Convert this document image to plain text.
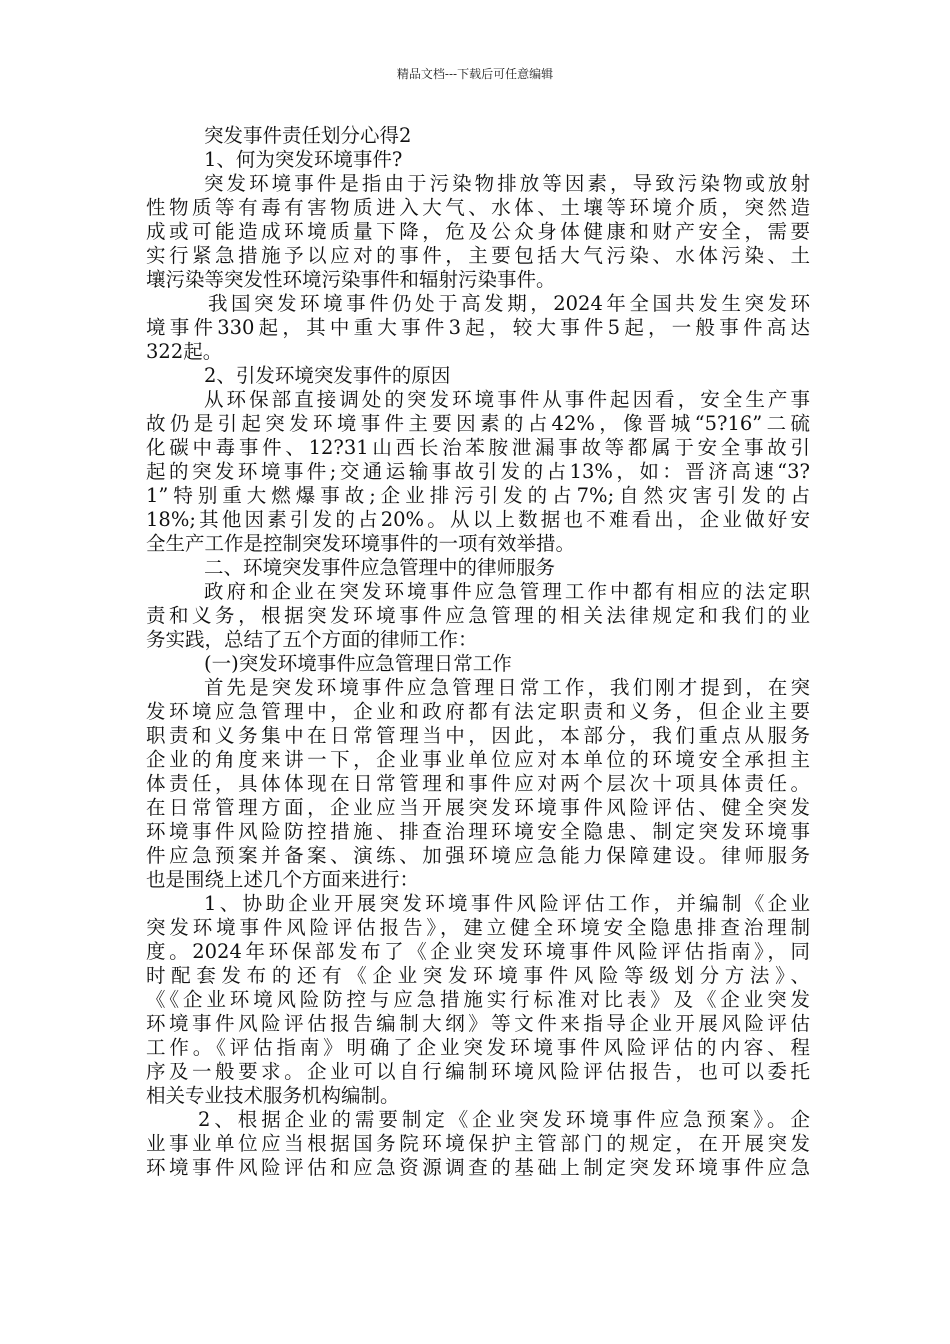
精品文档---下载后可任意编辑
突发事件责任划分心得2
1、何为突发环境事件?
突发环境事件是指由于污染物排放等因素，导致污染物或放射
性物质等有毒有害物质进入大气、水体、土壤等环境介质，突然造
成或可能造成环境质量下降，危及公众身体健康和财产安全，需要
实行紧急措施予以应对的事件，主要包括大气污染、水体污染、土
壤污染等突发性环境污染事件和辐射污染事件。
我国突发环境事件仍处于高发期，2024年全国共发生突发环
境事件330起，其中重大事件3起，较大事件5起，一般事件高达
322起。
2、引发环境突发事件的原因
从环保部直接调处的突发环境事件从事件起因看，安全生产事
故仍是引起突发环境事件主要因素的占42%，像晋城“5?16”二硫
化碳中毒事件、12?31山西长治苯胺泄漏事故等都属于安全事故引
起的突发环境事件;交通运输事故引发的占13%，如：晋济高速“3?
1”特别重大燃爆事故;企业排污引发的占7%;自然灾害引发的占
18%;其他因素引发的占20%。从以上数据也不难看出，企业做好安
全生产工作是控制突发环境事件的一项有效举措。
二、环境突发事件应急管理中的律师服务
政府和企业在突发环境事件应急管理工作中都有相应的法定职
责和义务，根据突发环境事件应急管理的相关法律规定和我们的业
务实践，总结了五个方面的律师工作：
(一)突发环境事件应急管理日常工作
首先是突发环境事件应急管理日常工作，我们刚才提到，在突
发环境应急管理中，企业和政府都有法定职责和义务，但企业主要
职责和义务集中在日常管理当中，因此，本部分，我们重点从服务
企业的角度来讲一下，企业事业单位应对本单位的环境安全承担主
体责任，具体体现在日常管理和事件应对两个层次十项具体责任。
在日常管理方面，企业应当开展突发环境事件风险评估、健全突发
环境事件风险防控措施、排查治理环境安全隐患、制定突发环境事
件应急预案并备案、演练、加强环境应急能力保障建设。律师服务
也是围绕上述几个方面来进行：
1、协助企业开展突发环境事件风险评估工作，并编制《企业
突发环境事件风险评估报告》，建立健全环境安全隐患排查治理制
度。2024年环保部发布了《企业突发环境事件风险评估指南》，同
时配套发布的还有《企业突发环境事件风险等级划分方法》、
《《企业环境风险防控与应急措施实行标准对比表》及《企业突发
环境事件风险评估报告编制大纲》等文件来指导企业开展风险评估
工作。《评估指南》明确了企业突发环境事件风险评估的内容、程
序及一般要求。企业可以自行编制环境风险评估报告，也可以委托
相关专业技术服务机构编制。
2、根据企业的需要制定《企业突发环境事件应急预案》。企
业事业单位应当根据国务院环境保护主管部门的规定，在开展突发
环境事件风险评估和应急资源调查的基础上制定突发环境事件应急
